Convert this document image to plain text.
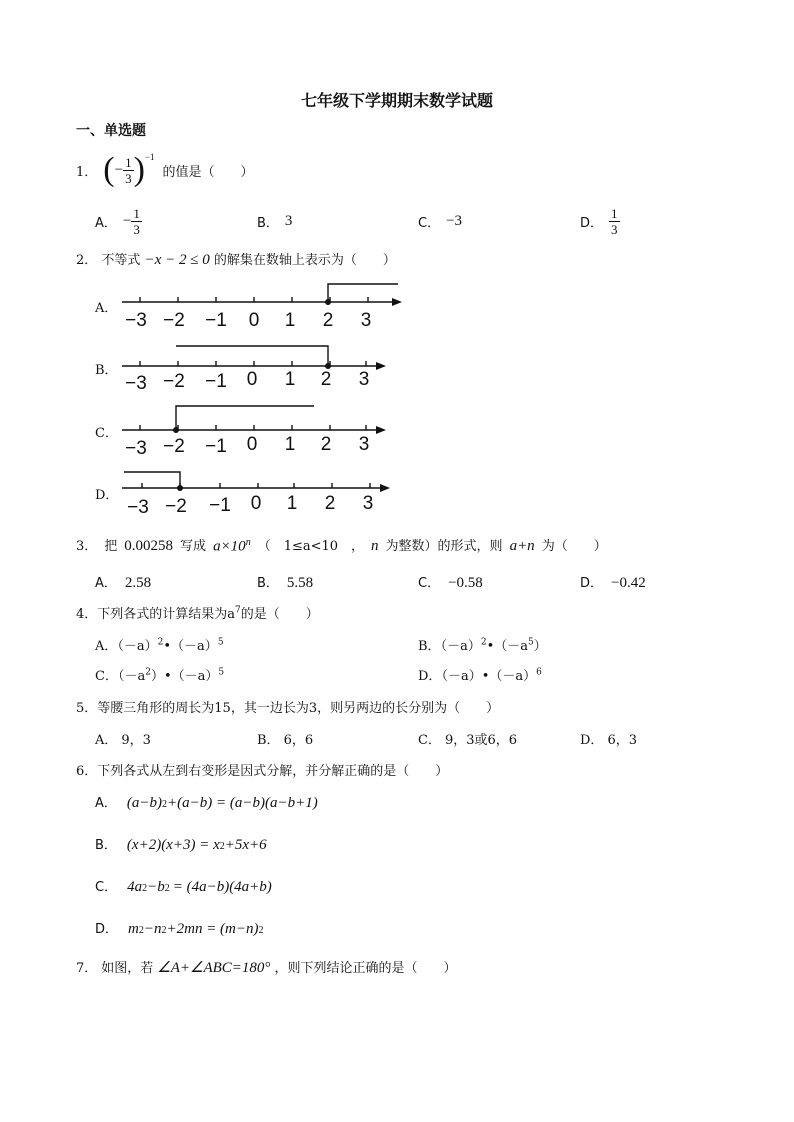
七年级下学期期末数学试题
一、单选题
1． ( − $\frac{1}{3}$ ) −1
的值是（　　）
A． − $\frac{1}{3}$	B． 3	C． −3	D． $\frac{1}{3}$
2． 不等式 −x − 2 ≤ 0 的解集在数轴上表示为（　　）
A．
B．
C．
D．
−3 −2 −1 0 1 2 3
−3 −2 −1 0 1 2 3
−3 −2 −1 0 1 2 3
−3 −2 −1 0 1 2 3
3． 把 0.00258 写成 $a\times 10^n$ （　1≤a<10　， n 为整数）的形式，则 a+n 为（　　）
A． 2.58	B． 5.58	C． −0.58	D． −0.42
4．下列各式的计算结果为$a^7$的是（　　）
A．$(-a)^2•(-a)^5$	B．$(-a)^2•(-a^5)$
C．$(-a^2)•(-a)^5$	D．$(-a)•(-a)^6$
5．等腰三角形的周长为15，其一边长为3，则另两边的长分别为（　　）
A． 9，3	B． 6，6	C． 9，3或6，6	D． 6，3
6．下列各式从左到右变形是因式分解，并分解正确的是（　　）
A． (a−b) 2 +(a−b) = (a−b)(a−b+1)
B． (x+2)(x+3) = x 2 +5x+6
C． 4a 2 −b 2 = (4a−b)(4a+b)
D． m 2 −n 2 +2mn = (m−n) 2
7． 如图，若 ∠A+∠ABC=180° ，则下列结论正确的是（　　）
